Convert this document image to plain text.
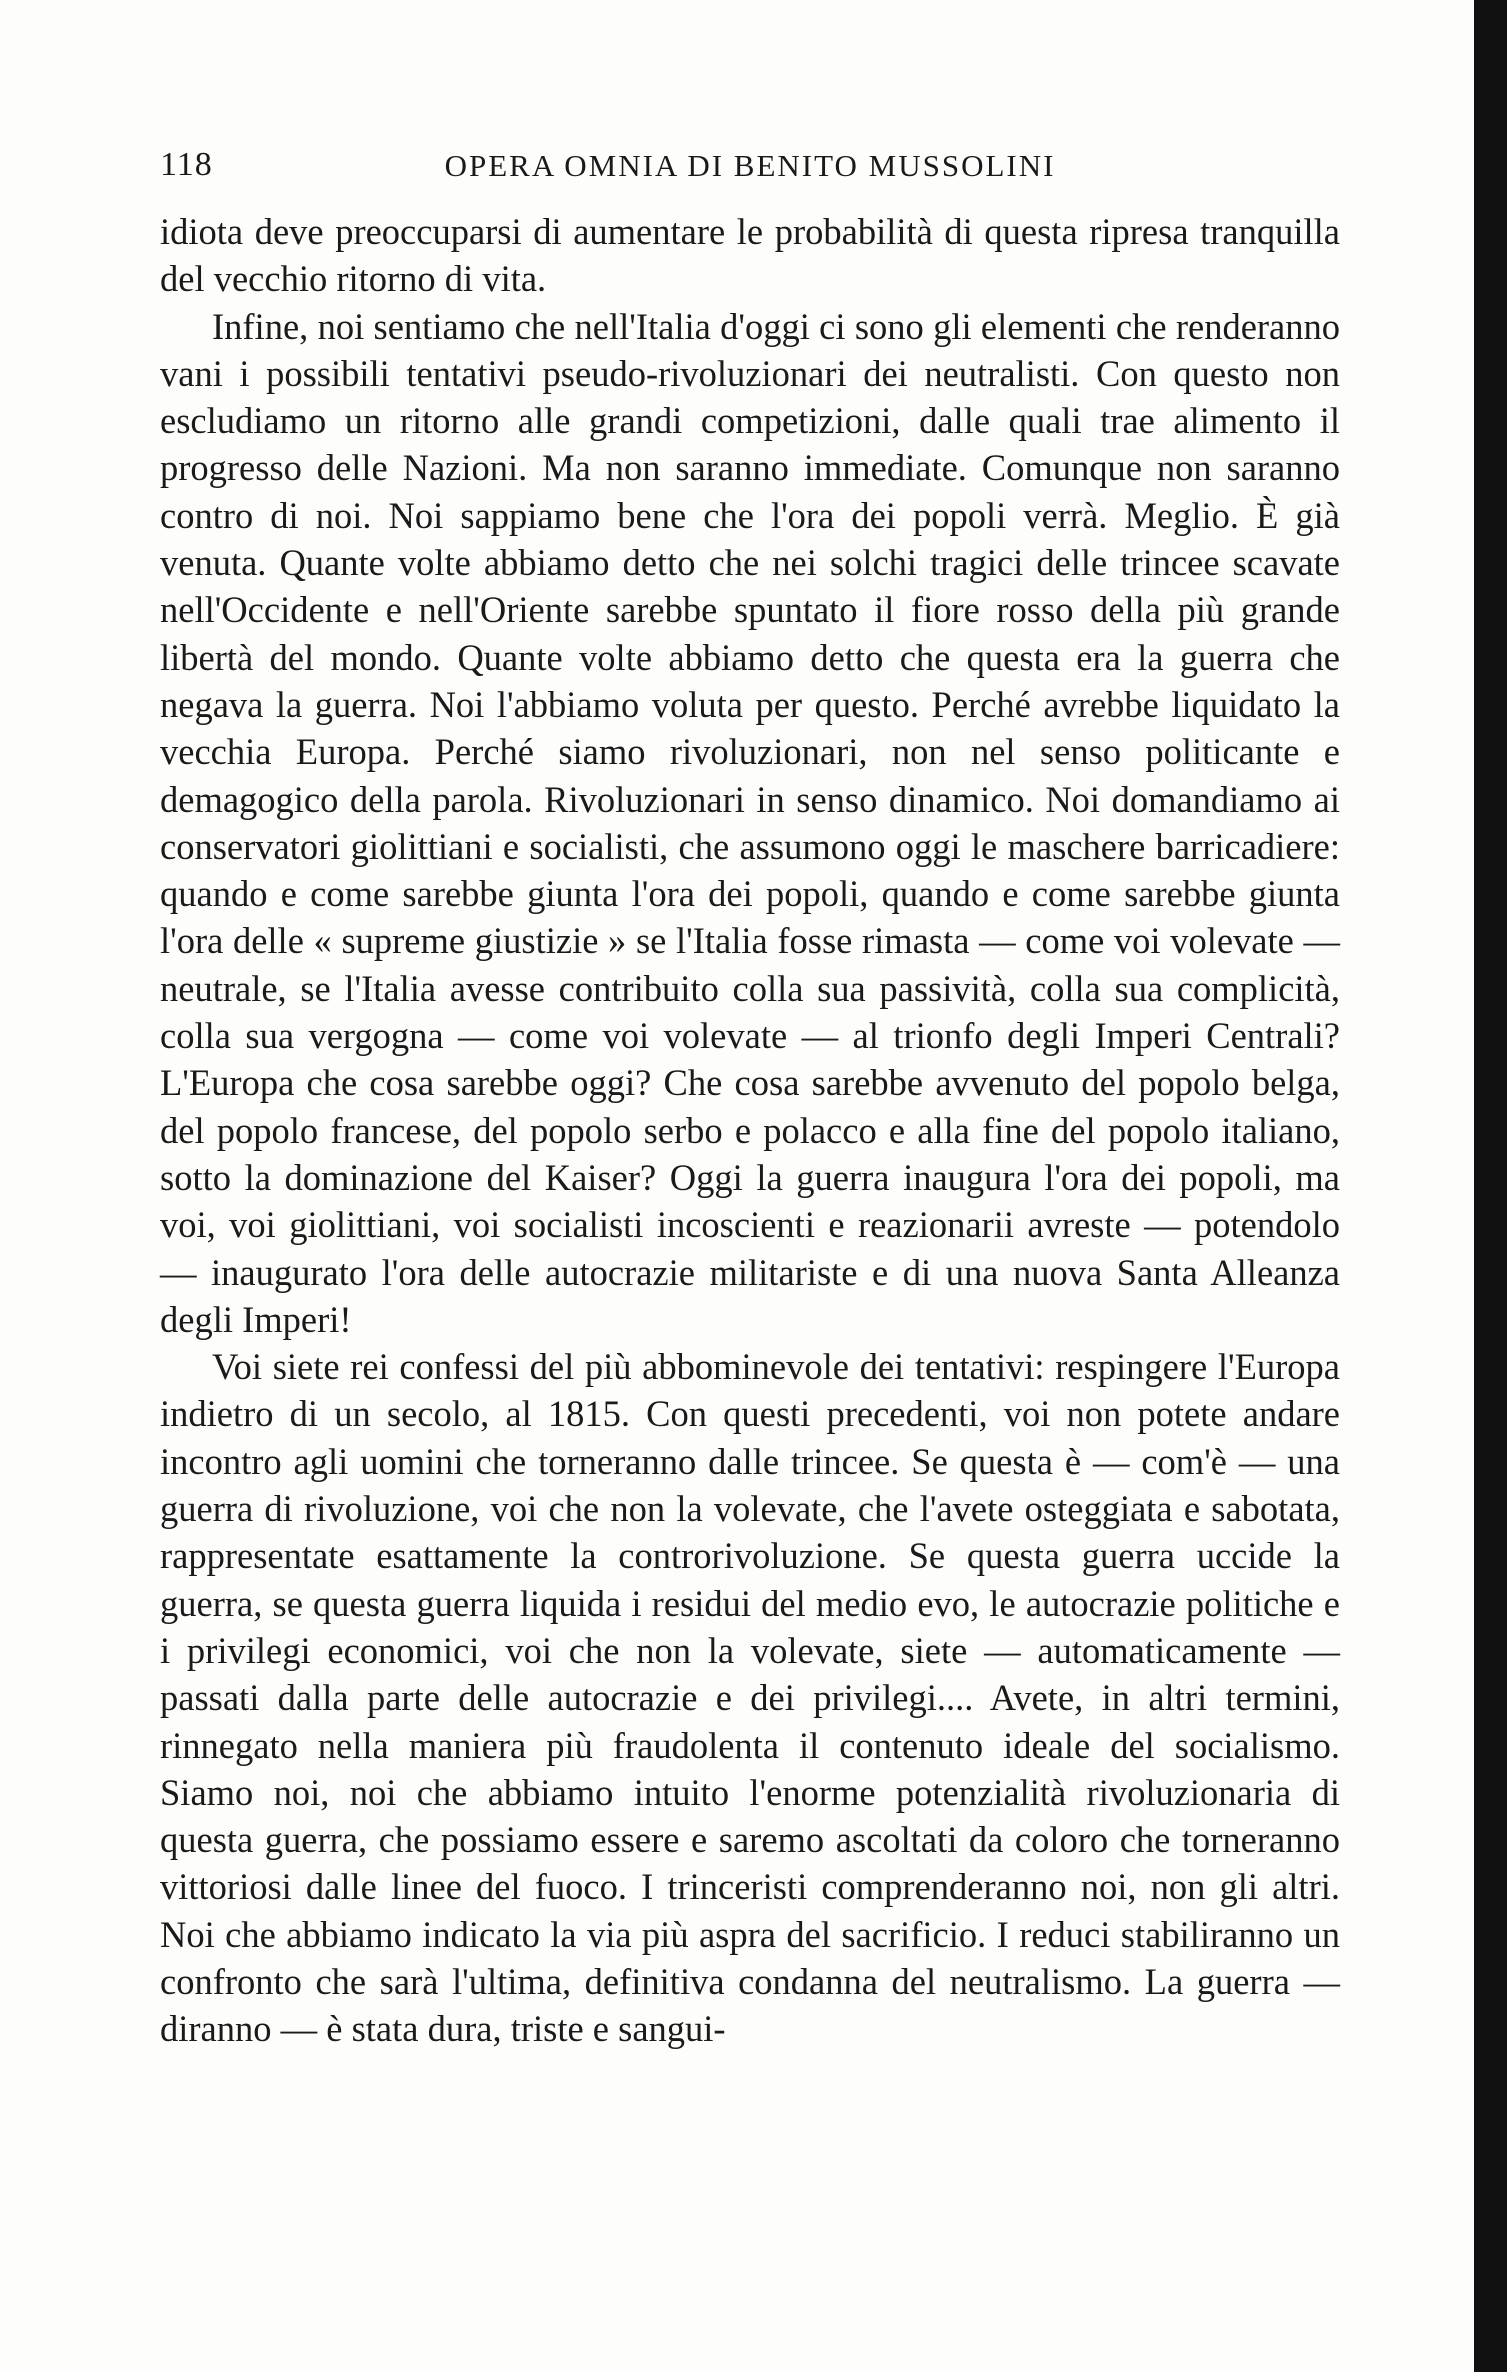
118	OPERA OMNIA DI BENITO MUSSOLINI

idiota deve preoccuparsi di aumentare le probabilità di questa ripresa tranquilla del vecchio ritorno di vita.

Infine, noi sentiamo che nell'Italia d'oggi ci sono gli elementi che renderanno vani i possibili tentativi pseudo-rivoluzionari dei neutralisti. Con questo non escludiamo un ritorno alle grandi competizioni, dalle quali trae alimento il progresso delle Nazioni. Ma non saranno immediate. Comunque non saranno contro di noi. Noi sappiamo bene che l'ora dei popoli verrà. Meglio. È già venuta. Quante volte abbiamo detto che nei solchi tragici delle trincee scavate nell'Occidente e nell'Oriente sarebbe spuntato il fiore rosso della più grande libertà del mondo. Quante volte abbiamo detto che questa era la guerra che negava la guerra. Noi l'abbiamo voluta per questo. Perché avrebbe liquidato la vecchia Europa. Perché siamo rivoluzionari, non nel senso politicante e demagogico della parola. Rivoluzionari in senso dinamico. Noi domandiamo ai conservatori giolittiani e socialisti, che assumono oggi le maschere barricadiere: quando e come sarebbe giunta l'ora dei popoli, quando e come sarebbe giunta l'ora delle « supreme giustizie » se l'Italia fosse rimasta — come voi volevate — neutrale, se l'Italia avesse contribuito colla sua passività, colla sua complicità, colla sua vergogna — come voi volevate — al trionfo degli Imperi Centrali? L'Europa che cosa sarebbe oggi? Che cosa sarebbe avvenuto del popolo belga, del popolo francese, del popolo serbo e polacco e alla fine del popolo italiano, sotto la dominazione del Kaiser? Oggi la guerra inaugura l'ora dei popoli, ma voi, voi giolittiani, voi socialisti incoscienti e reazionarii avreste — potendolo — inaugurato l'ora delle autocrazie militariste e di una nuova Santa Alleanza degli Imperi!

Voi siete rei confessi del più abbominevole dei tentativi: respingere l'Europa indietro di un secolo, al 1815. Con questi precedenti, voi non potete andare incontro agli uomini che torneranno dalle trincee. Se questa è — com'è — una guerra di rivoluzione, voi che non la volevate, che l'avete osteggiata e sabotata, rappresentate esattamente la controrivoluzione. Se questa guerra uccide la guerra, se questa guerra liquida i residui del medio evo, le autocrazie politiche e i privilegi economici, voi che non la volevate, siete — automaticamente — passati dalla parte delle autocrazie e dei privilegi.... Avete, in altri termini, rinnegato nella maniera più fraudolenta il contenuto ideale del socialismo. Siamo noi, noi che abbiamo intuito l'enorme potenzialità rivoluzionaria di questa guerra, che possiamo essere e saremo ascoltati da coloro che torneranno vittoriosi dalle linee del fuoco. I trinceristi comprenderanno noi, non gli altri. Noi che abbiamo indicato la via più aspra del sacrificio. I reduci stabiliranno un confronto che sarà l'ultima, definitiva condanna del neutralismo. La guerra — diranno — è stata dura, triste e sangui-
